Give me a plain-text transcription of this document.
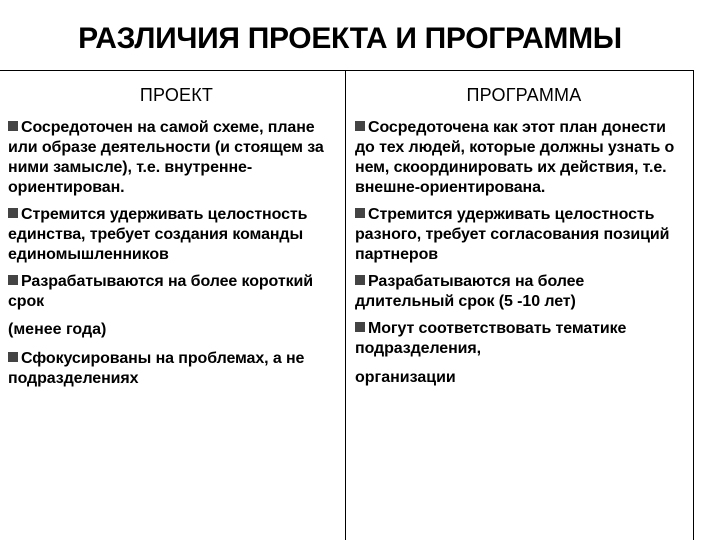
РАЗЛИЧИЯ ПРОЕКТА И ПРОГРАММЫ
ПРОЕКТ
Сосредоточен на самой схеме, плане или образе деятельности (и стоящем за ними замысле), т.е. внутренне-ориентирован.
Стремится удерживать целостность единства, требует создания команды единомышленников
Разрабатываются на более короткий срок
(менее года)
Сфокусированы на проблемах, а не подразделениях
ПРОГРАММА
Сосредоточена как этот план донести до тех людей, которые должны узнать о нем, скоординировать их действия, т.е. внешне-ориентирована.
Стремится удерживать целостность разного, требует согласования позиций партнеров
Разрабатываются на более длительный срок (5 -10 лет)
Могут соответствовать тематике подразделения,
организации
